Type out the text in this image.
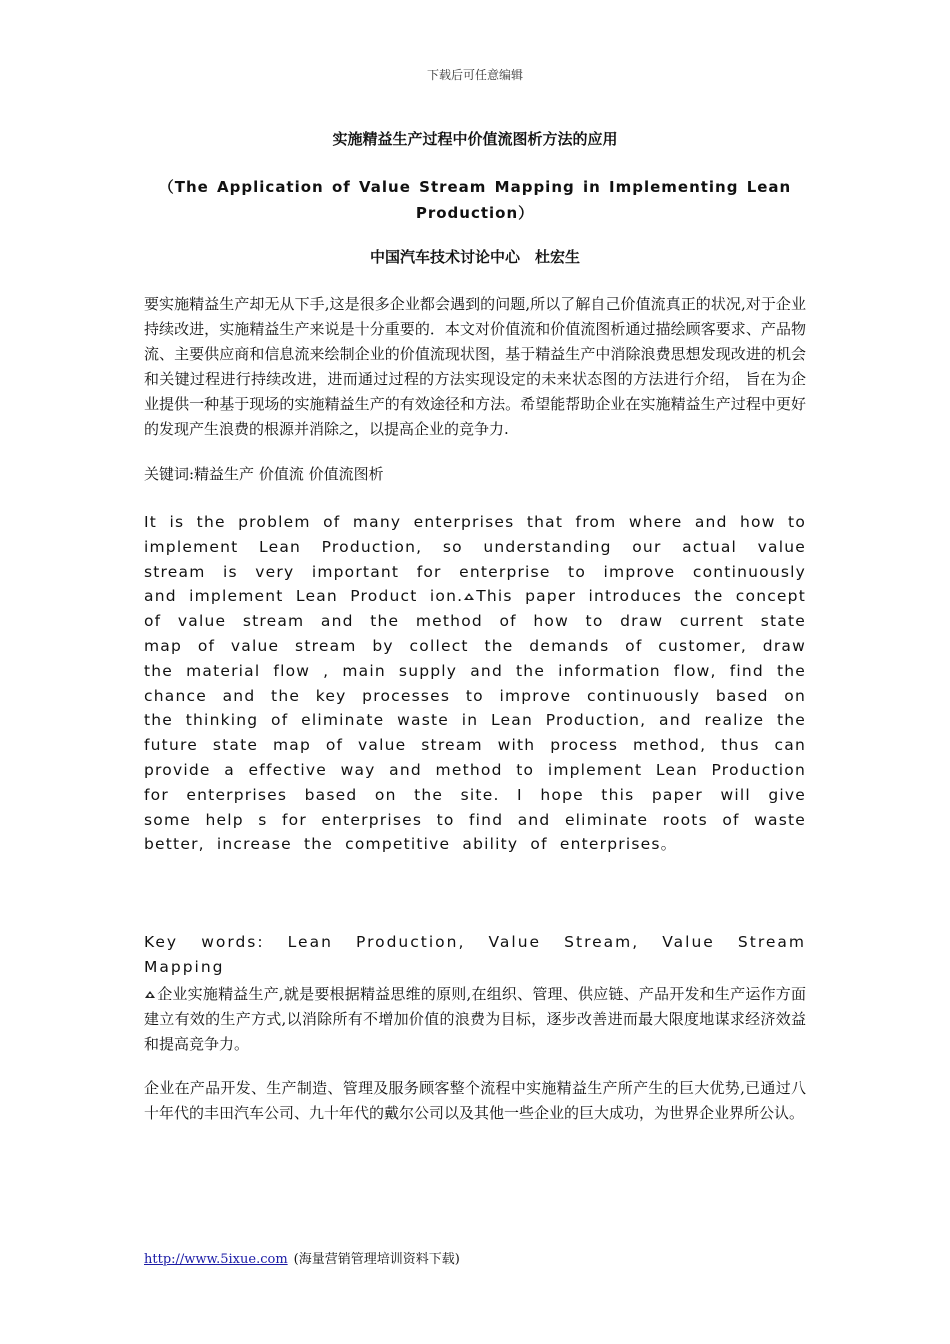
下载后可任意编辑
实施精益生产过程中价值流图析方法的应用
（The Application of Value Stream Mapping in Implementing Lean Production）
中国汽车技术讨论中心　杜宏生
要实施精益生产却无从下手,这是很多企业都会遇到的问题,所以了解自己价值流真正的状况,对于企业持续改进，实施精益生产来说是十分重要的．本文对价值流和价值流图析通过描绘顾客要求、产品物流、主要供应商和信息流来绘制企业的价值流现状图，基于精益生产中消除浪费思想发现改进的机会和关键过程进行持续改进，进而通过过程的方法实现设定的未来状态图的方法进行介绍， 旨在为企业提供一种基于现场的实施精益生产的有效途径和方法。希望能帮助企业在实施精益生产过程中更好的发现产生浪费的根源并消除之，以提高企业的竞争力.
关键词:精益生产 价值流 价值流图析
It is the problem of many enterprises that from where and how to implement Lean Production, so understanding our actual value stream is very important for enterprise to improve continuously and implement Lean Product ion. This paper introduces the concept of value stream and the method of how to draw current state map of value stream by collect the demands of customer, draw the material flow , main supply and the information flow, find the chance and the key processes to improve continuously based on the thinking of eliminate waste in Lean Production, and realize the future state map of value stream with process method, thus can provide a effective way and method to implement Lean Production for enterprises based on the site. I hope this paper will give some help s for enterprises to find and eliminate roots of waste better, increase the competitive ability of enterprises。
Key words: Lean Production, Value Stream, Value Stream Mapping
企业实施精益生产,就是要根据精益思维的原则,在组织、管理、供应链、产品开发和生产运作方面建立有效的生产方式,以消除所有不增加价值的浪费为目标，逐步改善进而最大限度地谋求经济效益和提高竞争力。
企业在产品开发、生产制造、管理及服务顾客整个流程中实施精益生产所产生的巨大优势,已通过八十年代的丰田汽车公司、九十年代的戴尔公司以及其他一些企业的巨大成功，为世界企业界所公认。
http://www.5ixue.com (海量营销管理培训资料下载)
